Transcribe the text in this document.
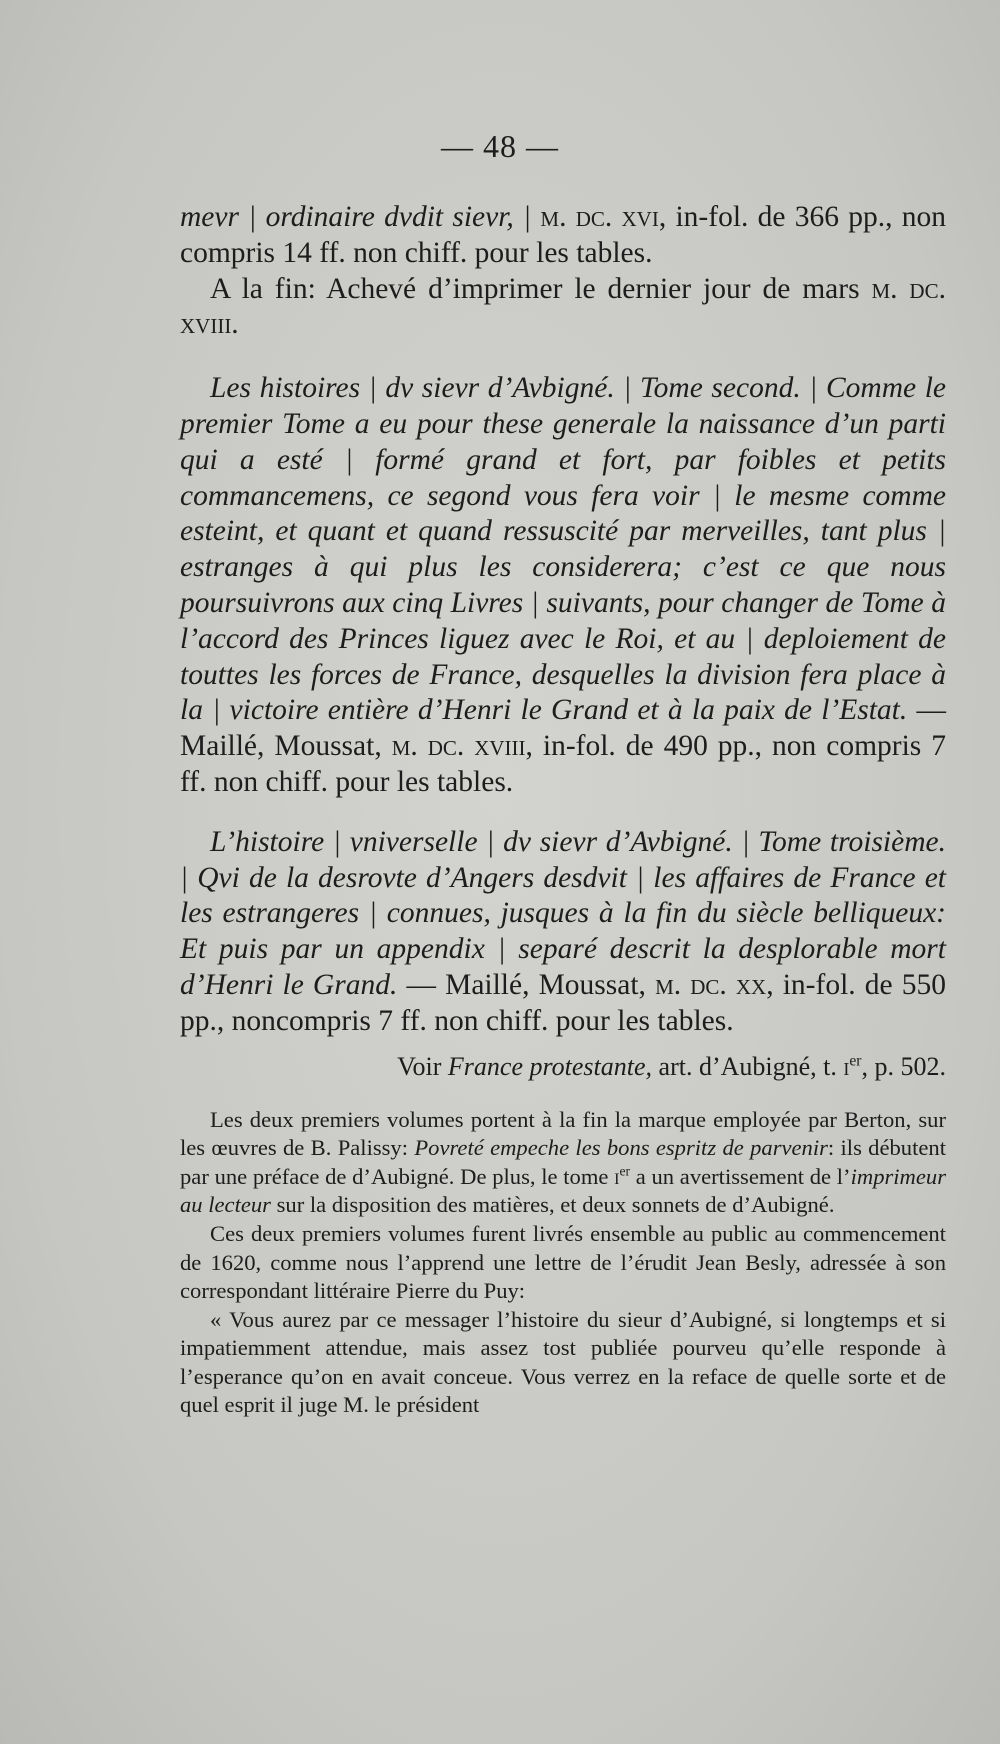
— 48 —

mevr | ordinaire dvdit sievr, | m. dc. xvi, in-fol. de 366 pp., non compris 14 ff. non chiff. pour les tables.

A la fin: Achevé d’imprimer le dernier jour de mars m. dc. xviii.

Les histoires | dv sievr d’Avbigné. | Tome second. | Comme le premier Tome a eu pour these generale la naissance d’un parti qui a esté | formé grand et fort, par foibles et petits commancemens, ce segond vous fera voir | le mesme comme esteint, et quant et quand ressuscité par merveilles, tant plus | estranges à qui plus les considerera; c’est ce que nous poursuivrons aux cinq Livres | suivants, pour changer de Tome à l’accord des Princes liguez avec le Roi, et au | deploiement de touttes les forces de France, desquelles la division fera place à la | victoire entière d’Henri le Grand et à la paix de l’Estat. — Maillé, Moussat, m. dc. xviii, in-fol. de 490 pp., non compris 7 ff. non chiff. pour les tables.

L’histoire | vniverselle | dv sievr d’Avbigné. | Tome troisième. | Qvi de la desrovte d’Angers desdvit | les affaires de France et les estrangeres | connues, jusques à la fin du siècle belliqueux: Et puis par un appendix | separé descrit la desplorable mort d’Henri le Grand. — Maillé, Moussat, m. dc. xx, in-fol. de 550 pp., noncompris 7 ff. non chiff. pour les tables.

Voir France protestante, art. d’Aubigné, t. $i^{er}$, p. 502.

Les deux premiers volumes portent à la fin la marque employée par Berton, sur les œuvres de B. Palissy: Povreté empeche les bons espritz de parvenir: ils débutent par une préface de d’Aubigné. De plus, le tome $i^{er}$ a un avertissement de l’imprimeur au lecteur sur la disposition des matières, et deux sonnets de d’Aubigné.

Ces deux premiers volumes furent livrés ensemble au public au commencement de 1620, comme nous l’apprend une lettre de l’érudit Jean Besly, adressée à son correspondant littéraire Pierre du Puy:

« Vous aurez par ce messager l’histoire du sieur d’Aubigné, si longtemps et si impatiemment attendue, mais assez tost publiée pourveu qu’elle responde à l’esperance qu’on en avait conceue. Vous verrez en la reface de quelle sorte et de quel esprit il juge M. le président
